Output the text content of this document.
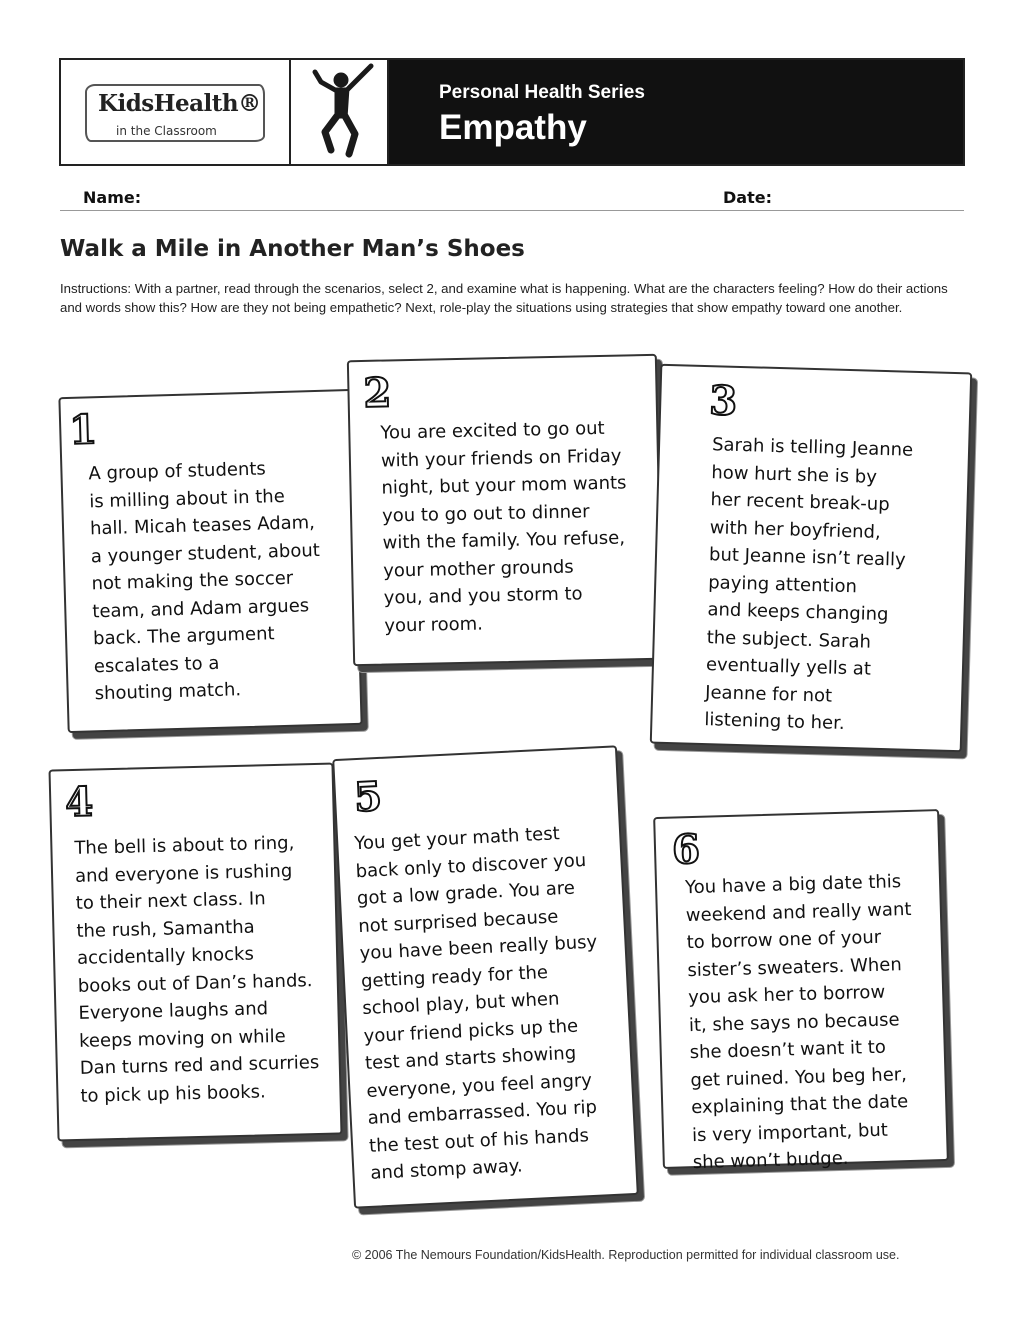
KidsHealth®
in the Classroom
Personal Health Series
Empathy
Name:	Date:
Walk a Mile in Another Man’s Shoes
Instructions: With a partner, read through the scenarios, select 2, and examine what is happening. What are the characters feeling? How do their actions and words show this? How are they not being empathetic? Next, role-play the situations using strategies that show empathy toward one another.
1
A group of students
is milling about in the
hall. Micah teases Adam,
a younger student, about
not making the soccer
team, and Adam argues
back. The argument
escalates to a
shouting match.
2
You are excited to go out
with your friends on Friday
night, but your mom wants
you to go out to dinner
with the family. You refuse,
your mother grounds
you, and you storm to
your room.
3
Sarah is telling Jeanne
how hurt she is by
her recent break-up
with her boyfriend,
but Jeanne isn’t really
paying attention
and keeps changing
the subject. Sarah
eventually yells at
Jeanne for not
listening to her.
4
The bell is about to ring,
and everyone is rushing
to their next class. In
the rush, Samantha
accidentally knocks
books out of Dan’s hands.
Everyone laughs and
keeps moving on while
Dan turns red and scurries
to pick up his books.
5
You get your math test
back only to discover you
got a low grade. You are
not surprised because
you have been really busy
getting ready for the
school play, but when
your friend picks up the
test and starts showing
everyone, you feel angry
and embarrassed. You rip
the test out of his hands
and stomp away.
6
You have a big date this
weekend and really want
to borrow one of your
sister’s sweaters. When
you ask her to borrow
it, she says no because
she doesn’t want it to
get ruined. You beg her,
explaining that the date
is very important, but
she won’t budge.
© 2006 The Nemours Foundation/KidsHealth. Reproduction permitted for individual classroom use.
